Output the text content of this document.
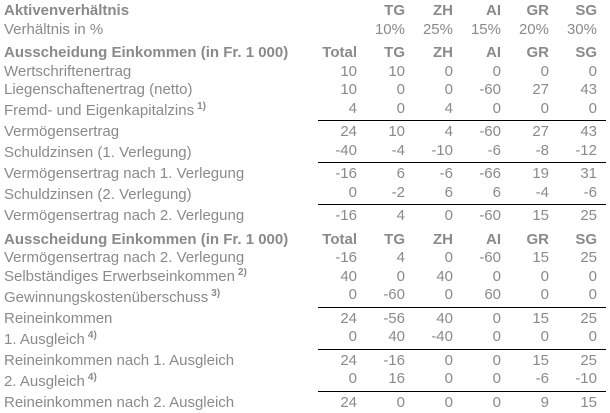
Aktivenverhältnis		TG	ZH	AI	GR	SG
Verhältnis in %		10%	25%	15%	20%	30%
Ausscheidung Einkommen (in Fr. 1 000)	Total	TG	ZH	AI	GR	SG
Wertschriftenertrag	10	10	0	0	0	0
Liegenschaftenertrag (netto)	10	0	0	-60	27	43
Fremd- und Eigenkapitalzins $^{1)}$	4	0	4	0	0	0
Vermögensertrag	24	10	4	-60	27	43
Schuldzinsen (1. Verlegung)	-40	-4	-10	-6	-8	-12
Vermögensertrag nach 1. Verlegung	-16	6	-6	-66	19	31
Schuldzinsen (2. Verlegung)	0	-2	6	6	-4	-6
Vermögensertrag nach 2. Verlegung	-16	4	0	-60	15	25
Ausscheidung Einkommen (in Fr. 1 000)	Total	TG	ZH	AI	GR	SG
Vermögensertrag nach 2. Verlegung	-16	4	0	-60	15	25
Selbständiges Erwerbseinkommen $^{2)}$	40	0	40	0	0	0
Gewinnungskostenüberschuss $^{3)}$	0	-60	0	60	0	0
Reineinkommen	24	-56	40	0	15	25
1. Ausgleich $^{4)}$	0	40	-40	0	0	0
Reineinkommen nach 1. Ausgleich	24	-16	0	0	15	25
2. Ausgleich $^{4)}$	0	16	0	0	-6	-10
Reineinkommen nach 2. Ausgleich	24	0	0	0	9	15
